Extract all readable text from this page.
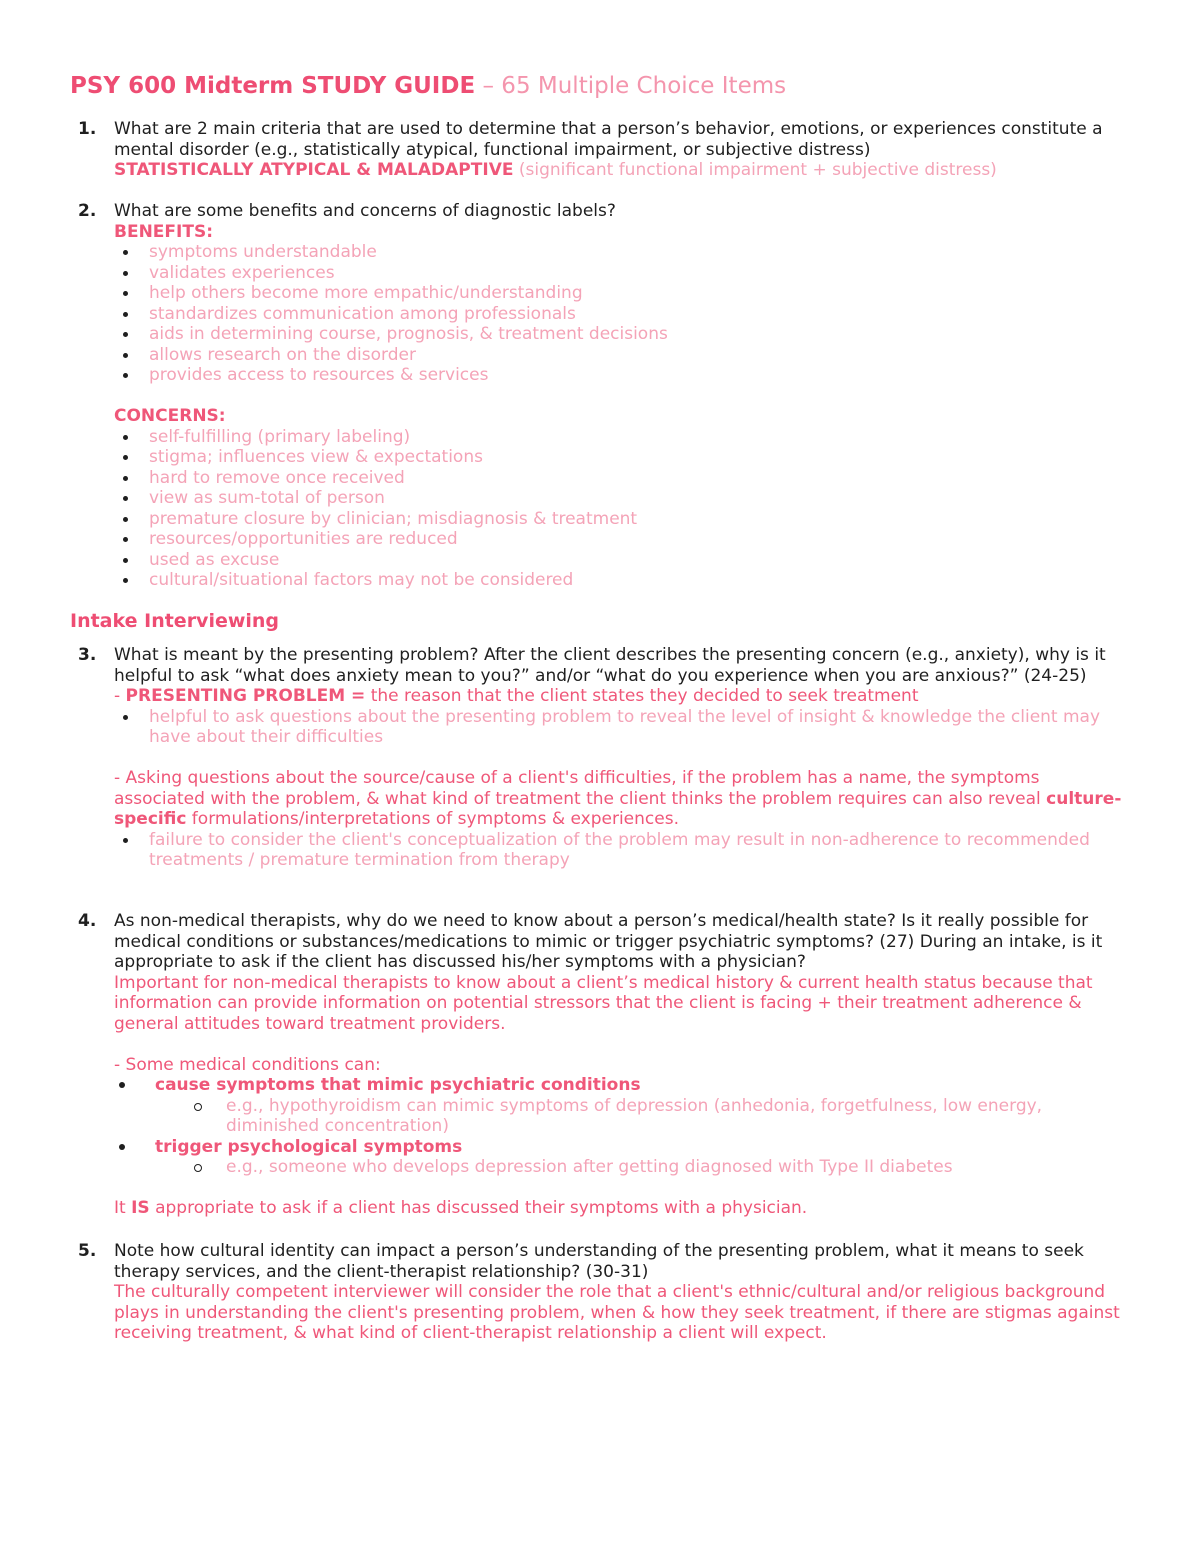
PSY 600 Midterm STUDY GUIDE – 65 Multiple Choice Items
1. What are 2 main criteria that are used to determine that a person’s behavior, emotions, or experiences constitute a mental disorder (e.g., statistically atypical, functional impairment, or subjective distress)
STATISTICALLY ATYPICAL & MALADAPTIVE (significant functional impairment + subjective distress)
2. What are some benefits and concerns of diagnostic labels?
BENEFITS:
symptoms understandable
validates experiences
help others become more empathic/understanding
standardizes communication among professionals
aids in determining course, prognosis, & treatment decisions
allows research on the disorder
provides access to resources & services
CONCERNS:
self-fulfilling (primary labeling)
stigma; influences view & expectations
hard to remove once received
view as sum-total of person
premature closure by clinician; misdiagnosis & treatment
resources/opportunities are reduced
used as excuse
cultural/situational factors may not be considered
Intake Interviewing
3. What is meant by the presenting problem? After the client describes the presenting concern (e.g., anxiety), why is it helpful to ask “what does anxiety mean to you?” and/or “what do you experience when you are anxious?” (24-25)
- PRESENTING PROBLEM = the reason that the client states they decided to seek treatment
helpful to ask questions about the presenting problem to reveal the level of insight & knowledge the client may have about their difficulties
- Asking questions about the source/cause of a client's difficulties, if the problem has a name, the symptoms associated with the problem, & what kind of treatment the client thinks the problem requires can also reveal culture-specific formulations/interpretations of symptoms & experiences.
failure to consider the client's conceptualization of the problem may result in non-adherence to recommended treatments / premature termination from therapy
4. As non-medical therapists, why do we need to know about a person’s medical/health state? Is it really possible for medical conditions or substances/medications to mimic or trigger psychiatric symptoms? (27) During an intake, is it appropriate to ask if the client has discussed his/her symptoms with a physician?
Important for non-medical therapists to know about a client’s medical history & current health status because that information can provide information on potential stressors that the client is facing + their treatment adherence & general attitudes toward treatment providers.
- Some medical conditions can:
cause symptoms that mimic psychiatric conditions
e.g., hypothyroidism can mimic symptoms of depression (anhedonia, forgetfulness, low energy, diminished concentration)
trigger psychological symptoms
e.g., someone who develops depression after getting diagnosed with Type II diabetes
It IS appropriate to ask if a client has discussed their symptoms with a physician.
5. Note how cultural identity can impact a person’s understanding of the presenting problem, what it means to seek therapy services, and the client-therapist relationship? (30-31)
The culturally competent interviewer will consider the role that a client's ethnic/cultural and/or religious background plays in understanding the client's presenting problem, when & how they seek treatment, if there are stigmas against receiving treatment, & what kind of client-therapist relationship a client will expect.
